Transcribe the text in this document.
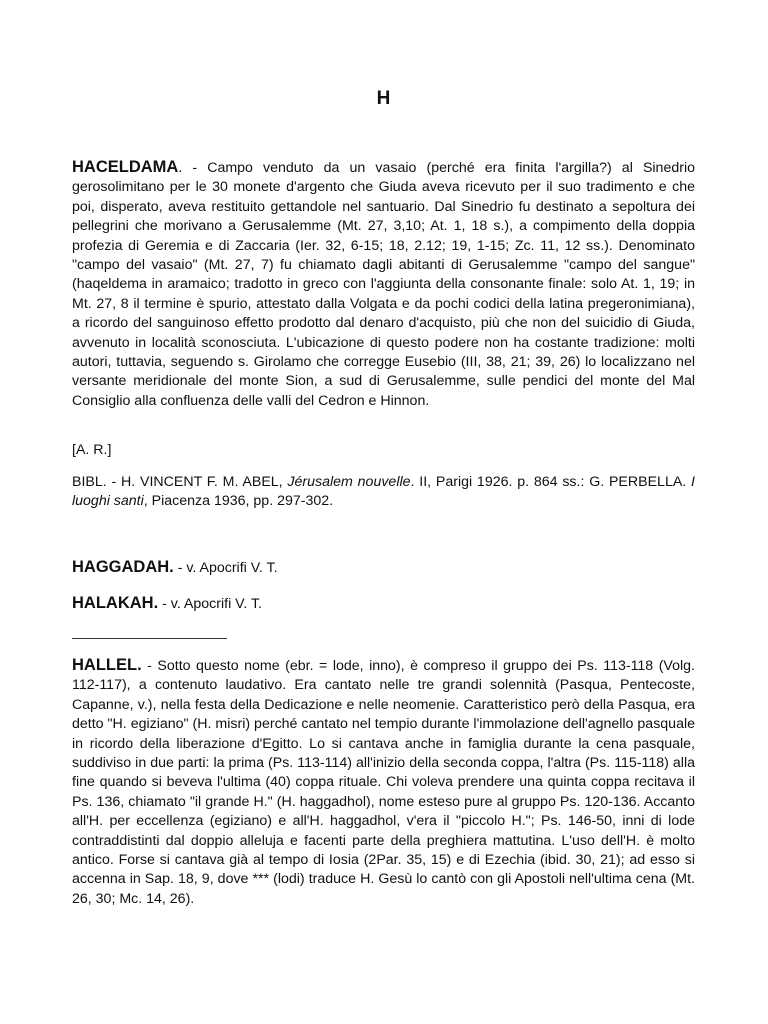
H

HACELDAMA. - Campo venduto da un vasaio (perché era finita l'argilla?) al Sinedrio gerosolimitano per le 30 monete d'argento che Giuda aveva ricevuto per il suo tradimento e che poi, disperato, aveva restituito gettandole nel santuario. Dal Sinedrio fu destinato a sepoltura dei pellegrini che morivano a Gerusalemme (Mt. 27, 3,10; At. 1, 18 s.), a compimento della doppia profezia di Geremia e di Zaccaria (Ier. 32, 6-15; 18, 2.12; 19, 1-15; Zc. 11, 12 ss.). Denominato "campo del vasaio" (Mt. 27, 7) fu chiamato dagli abitanti di Gerusalemme "campo del sangue" (haqeldema in aramaico; tradotto in greco con l'aggiunta della consonante finale: solo At. 1, 19; in Mt. 27, 8 il termine è spurio, attestato dalla Volgata e da pochi codici della latina pregeronimiana), a ricordo del sanguinoso effetto prodotto dal denaro d'acquisto, più che non del suicidio di Giuda, avvenuto in località sconosciuta. L'ubicazione di questo podere non ha costante tradizione: molti autori, tuttavia, seguendo s. Girolamo che corregge Eusebio (III, 38, 21; 39, 26) lo localizzano nel versante meridionale del monte Sion, a sud di Gerusalemme, sulle pendici del monte del Mal Consiglio alla confluenza delle valli del Cedron e Hinnon.

[A. R.]

BIBL. - H. VINCENT F. M. ABEL, Jérusalem nouvelle. II, Parigi 1926. p. 864 ss.: G. PERBELLA. I luoghi santi, Piacenza 1936, pp. 297-302.

HAGGADAH. - v. Apocrifi V. T.

HALAKAH. - v. Apocrifi V. T.

HALLEL. - Sotto questo nome (ebr. = lode, inno), è compreso il gruppo dei Ps. 113-118 (Volg. 112-117), a contenuto laudativo. Era cantato nelle tre grandi solennità (Pasqua, Pentecoste, Capanne, v.), nella festa della Dedicazione e nelle neomenie. Caratteristico però della Pasqua, era detto "H. egiziano" (H. misri) perché cantato nel tempio durante l'immolazione dell'agnello pasquale in ricordo della liberazione d'Egitto. Lo si cantava anche in famiglia durante la cena pasquale, suddiviso in due parti: la prima (Ps. 113-114) all'inizio della seconda coppa, l'altra (Ps. 115-118) alla fine quando si beveva l'ultima (40) coppa rituale. Chi voleva prendere una quinta coppa recitava il Ps. 136, chiamato "il grande H." (H. haggadhol), nome esteso pure al gruppo Ps. 120-136. Accanto all'H. per eccellenza (egiziano) e all'H. haggadhol, v'era il "piccolo H."; Ps. 146-50, inni di lode contraddistinti dal doppio alleluja e facenti parte della preghiera mattutina. L'uso dell'H. è molto antico. Forse si cantava già al tempo di Iosia (2Par. 35, 15) e di Ezechia (ibid. 30, 21); ad esso si accenna in Sap. 18, 9, dove *** (lodi) traduce H. Gesù lo cantò con gli Apostoli nell'ultima cena (Mt. 26, 30; Mc. 14, 26).
